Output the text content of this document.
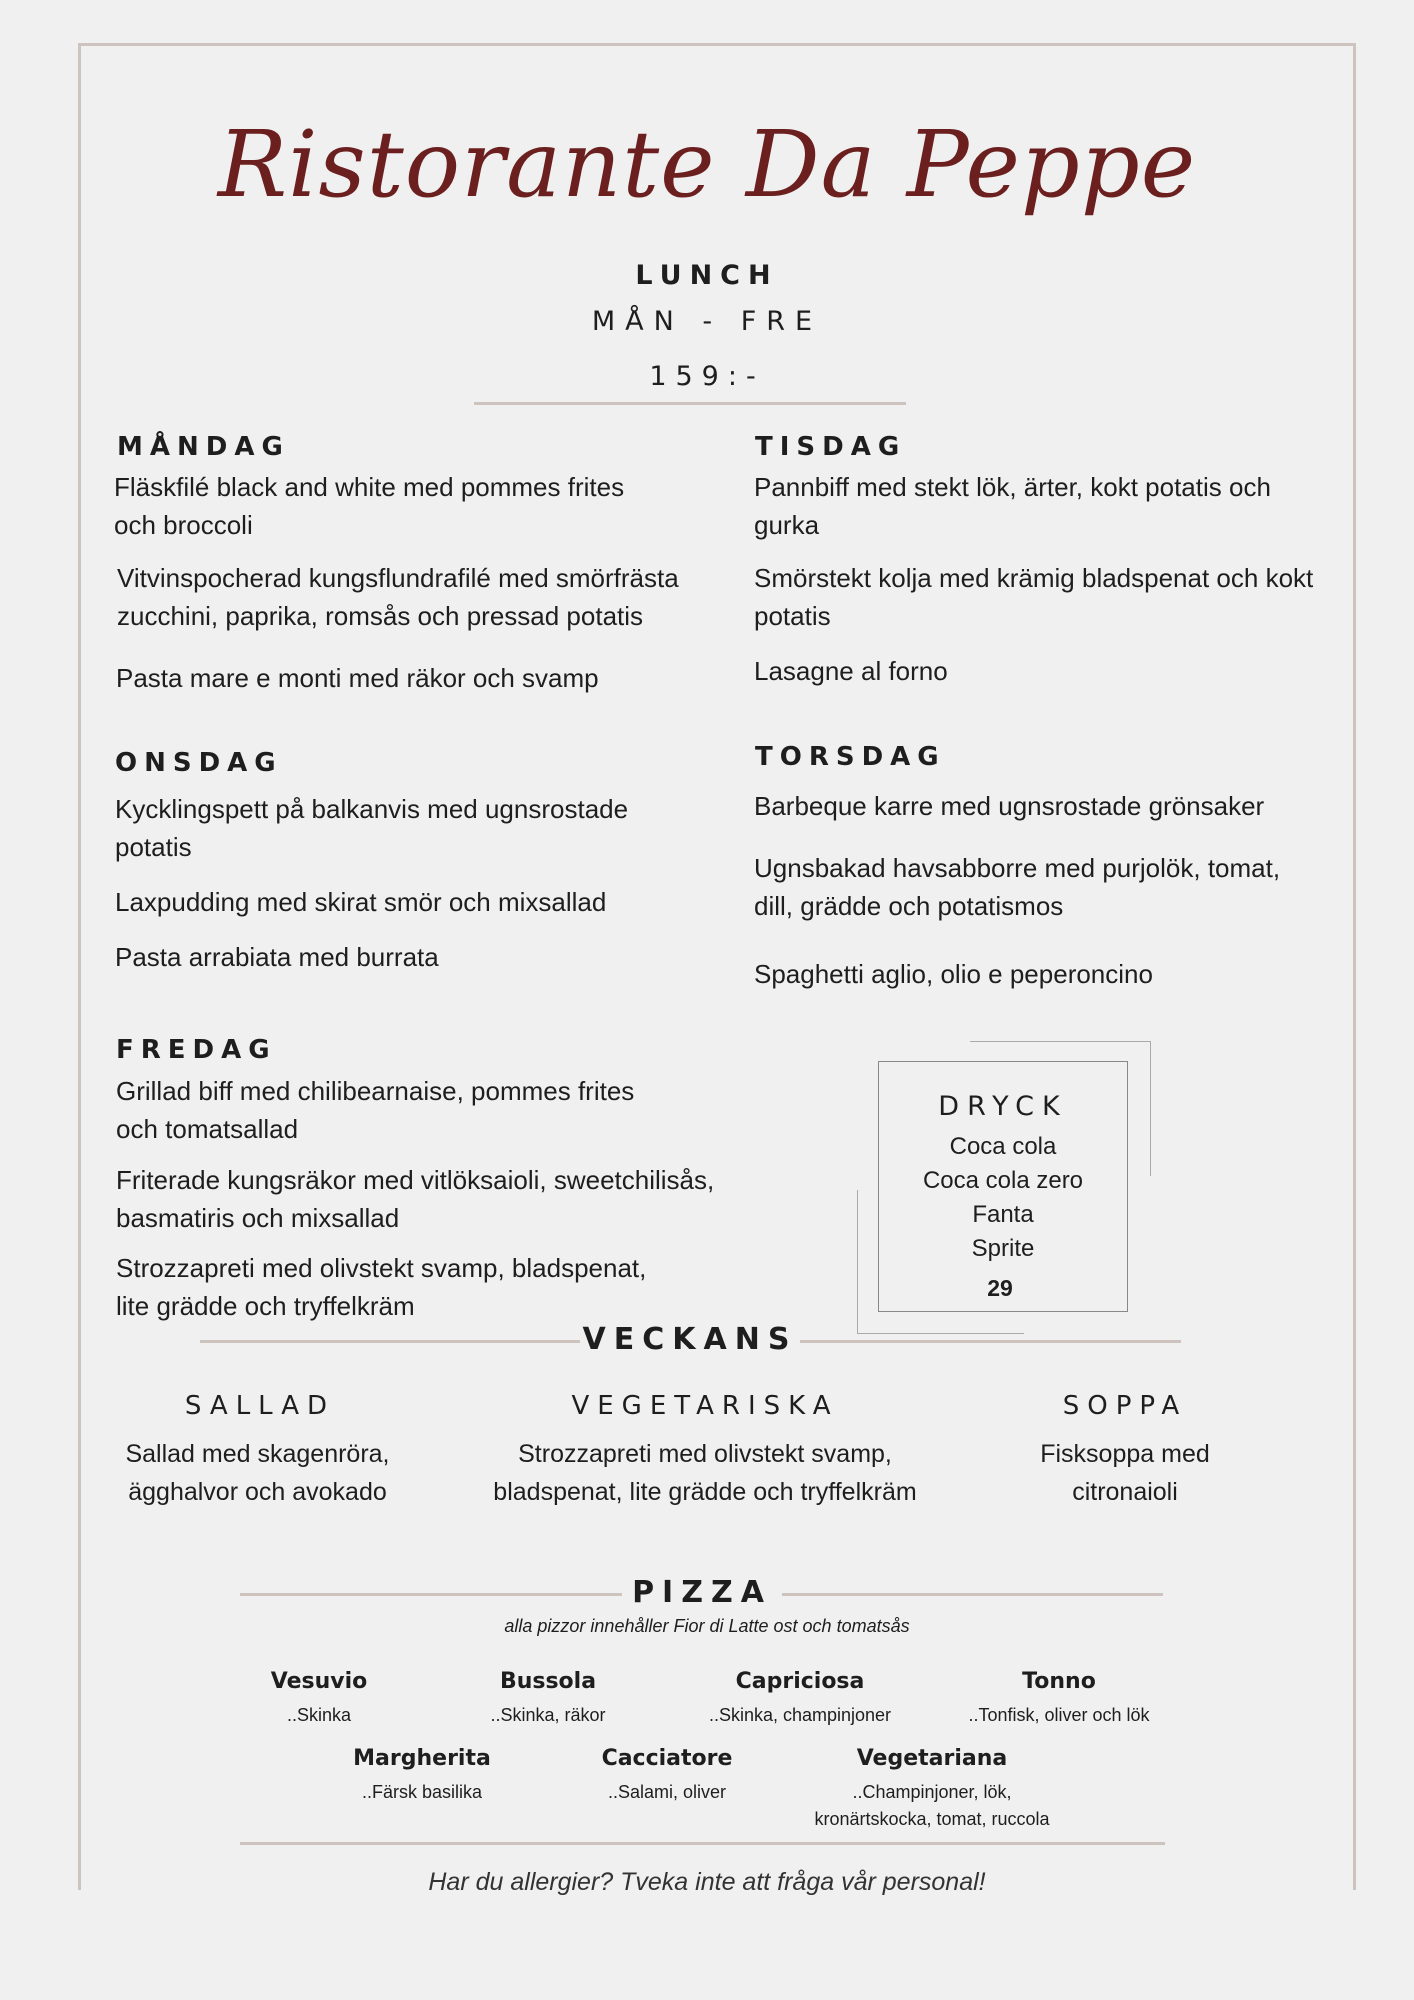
Ristorante Da Peppe
LUNCH
MÅN - FRE
159:-
MÅNDAG
Fläskfilé black and white med pommes frites och broccoli
Vitvinspocherad kungsflundrafilé med smörfrästa zucchini, paprika, romsås och pressad potatis
Pasta mare e monti med räkor och svamp
TISDAG
Pannbiff med stekt lök, ärter, kokt potatis och gurka
Smörstekt kolja med krämig bladspenat och kokt potatis
Lasagne al forno
ONSDAG
Kycklingspett på balkanvis med ugnsrostade potatis
Laxpudding med skirat smör och mixsallad
Pasta arrabiata med burrata
TORSDAG
Barbeque karre med ugnsrostade grönsaker
Ugnsbakad havsabborre med purjolök, tomat, dill, grädde och potatismos
Spaghetti aglio, olio e peperoncino
FREDAG
Grillad biff med chilibearnaise, pommes frites och tomatsallad
Friterade kungsräkor med vitlöksaioli, sweetchilisås, basmatiris och mixsallad
Strozzapreti med olivstekt svamp, bladspenat, lite grädde och tryffelkräm
DRYCK
Coca cola
Coca cola zero
Fanta
Sprite
29
VECKANS
SALLAD
Sallad med skagenröra, ägghalvor och avokado
VEGETARISKA
Strozzapreti med olivstekt svamp, bladspenat, lite grädde och tryffelkräm
SOPPA
Fisksoppa med citronaioli
PIZZA
alla pizzor innehåller Fior di Latte ost och tomatsås
Vesuvio
..Skinka
Bussola
..Skinka, räkor
Capriciosa
..Skinka, champinjoner
Tonno
..Tonfisk, oliver och lök
Margherita
..Färsk basilika
Cacciatore
..Salami, oliver
Vegetariana
..Champinjoner, lök, kronärtskocka, tomat, ruccola
Har du allergier? Tveka inte att fråga vår personal!
